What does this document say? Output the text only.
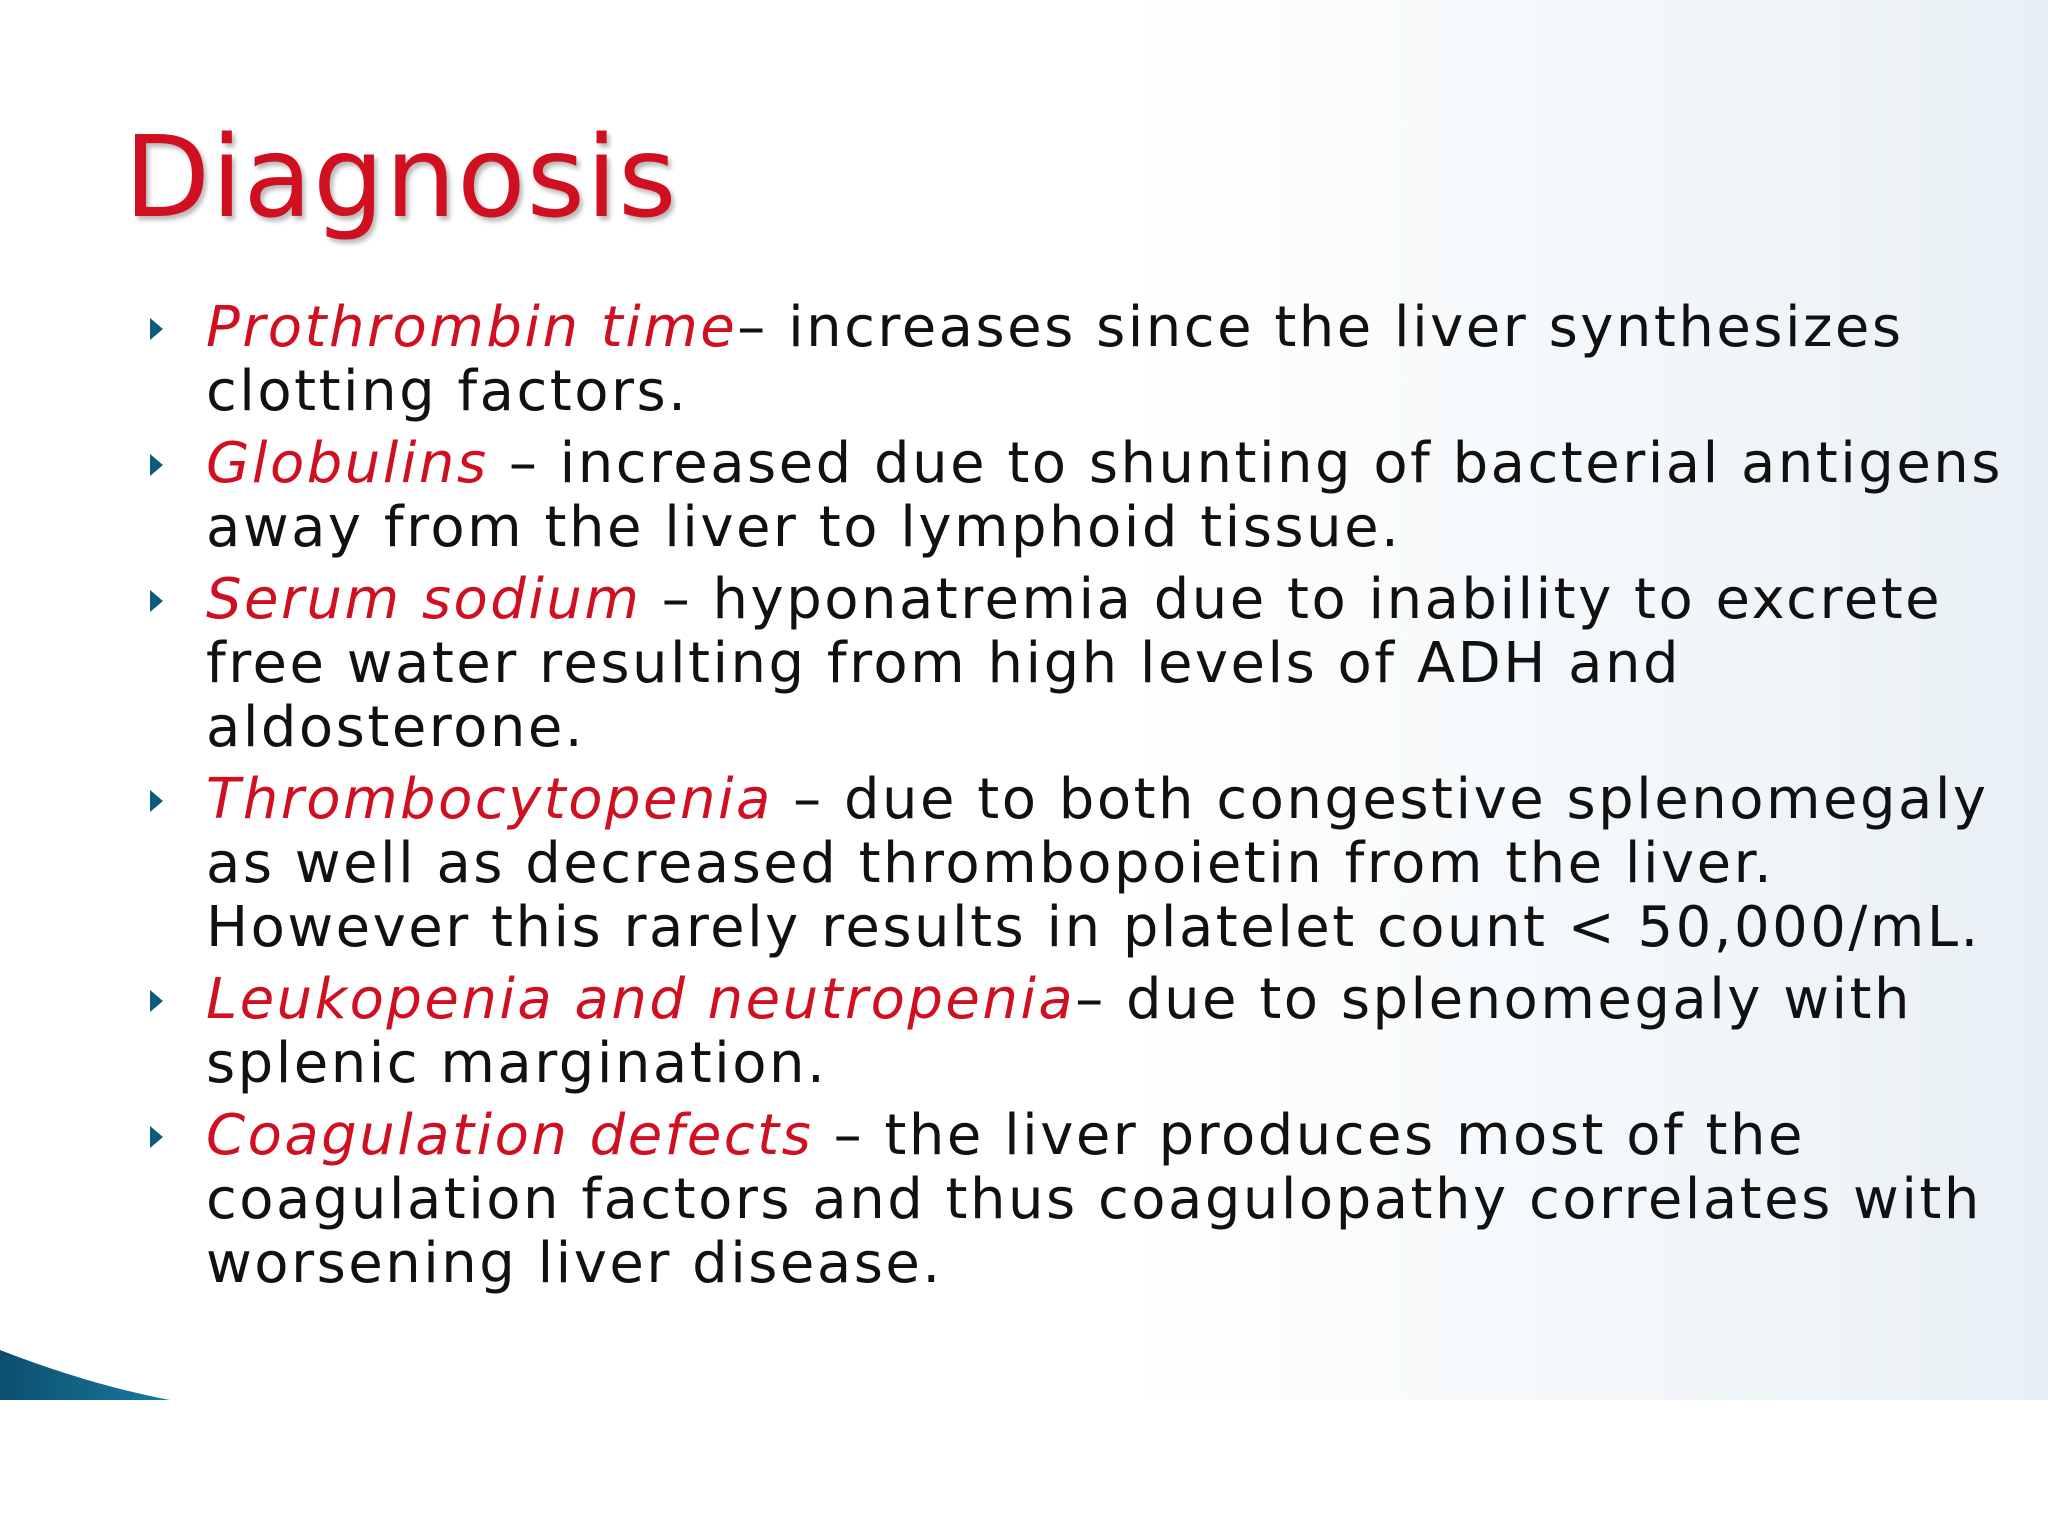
Diagnosis
Prothrombin time– increases since the liver synthesizes clotting factors.
Globulins – increased due to shunting of bacterial antigens away from the liver to lymphoid tissue.
Serum sodium – hyponatremia due to inability to excrete free water resulting from high levels of ADH and aldosterone.
Thrombocytopenia – due to both congestive splenomegaly as well as decreased thrombopoietin from the liver. However this rarely results in platelet count < 50,000/mL.
Leukopenia and neutropenia– due to splenomegaly with splenic margination.
Coagulation defects – the liver produces most of the coagulation factors and thus coagulopathy correlates with worsening liver disease.
